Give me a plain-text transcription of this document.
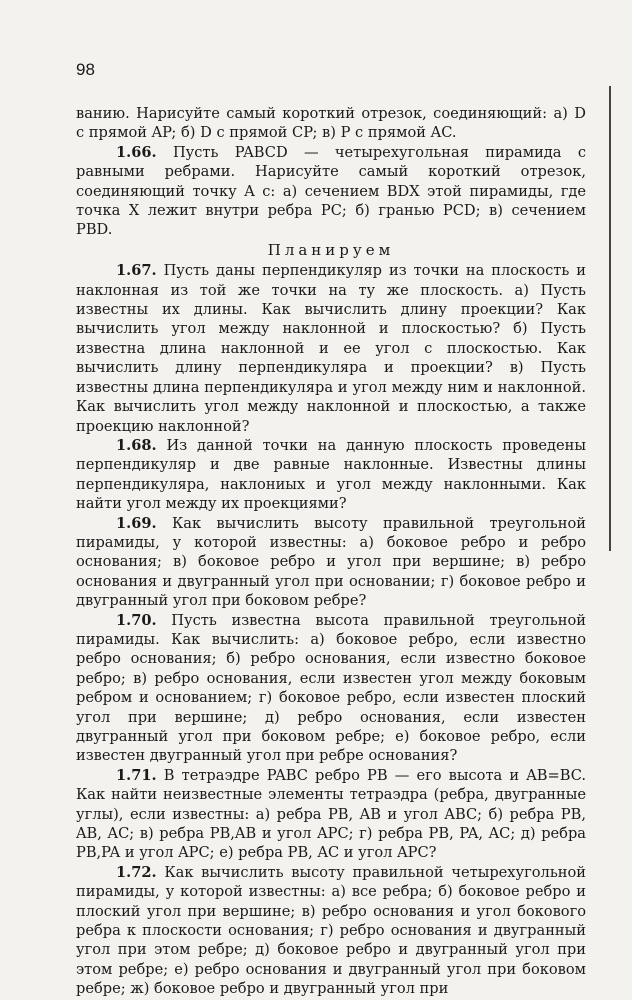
98

ванию. Нарисуйте самый короткий отрезок, соединяющий: а) D с прямой AP; б) D с прямой CP; в) P с прямой AC.

1.66. Пусть PABCD — четырехугольная пирамида с равными ребрами. Нарисуйте самый короткий отрезок, соединяющий точку A с: а) сечением BDX этой пирамиды, где точка X лежит внутри ребра PC; б) гранью PCD; в) сечением PBD.

Планируем

1.67. Пусть даны перпендикуляр из точки на плоскость и наклонная из той же точки на ту же плоскость. а) Пусть известны их длины. Как вычислить длину проекции? Как вычислить угол между наклонной и плоскостью? б) Пусть известна длина наклонной и ее угол с плоскостью. Как вычислить длину перпендикуляра и проекции? в) Пусть известны длина перпендикуляра и угол между ним и наклонной. Как вычислить угол между наклонной и плоскостью, а также проекцию наклонной?

1.68. Из данной точки на данную плоскость проведены перпендикуляр и две равные наклонные. Известны длины перпендикуляра, наклониых и угол между наклонными. Как найти угол между их проекциями?

1.69. Как вычислить высоту правильной треугольной пирамиды, у которой известны: а) боковое ребро и ребро основания; в) боковое ребро и угол при вершине; в) ребро основания и двугранный угол при основании; г) боковое ребро и двугранный угол при боковом ребре?

1.70. Пусть известна высота правильной треугольной пирамиды. Как вычислить: а) боковое ребро, если известно ребро основания; б) ребро основания, если известно боковое ребро; в) ребро основания, если известен угол между боковым ребром и основанием; г) боковое ребро, если известен плоский угол при вершине; д) ребро основания, если известен двугранный угол при боковом ребре; е) боковое ребро, если известен двугранный угол при ребре основания?

1.71. В тетраэдре PABC ребро PB — его высота и AB=BC. Как найти неизвестные элементы тетраэдра (ребра, двугранные углы), если известны: а) ребра PB, AB и угол ABC; б) ребра PB, AB, AC; в) ребра PB,AB и угол APC; г) ребра PB, PA, AC; д) ребра PB,PA и угол APC; е) ребра PB, AC и угол APC?

1.72. Как вычислить высоту правильной четырехугольной пирамиды, у которой известны: а) все ребра; б) боковое ребро и плоский угол при вершине; в) ребро основания и угол бокового ребра к плоскости основания; г) ребро основания и двугранный угол при этом ребре; д) боковое ребро и двугранный угол при этом ребре; е) ребро основания и двугранный угол при боковом ребре; ж) боковое ребро и двугранный угол при
